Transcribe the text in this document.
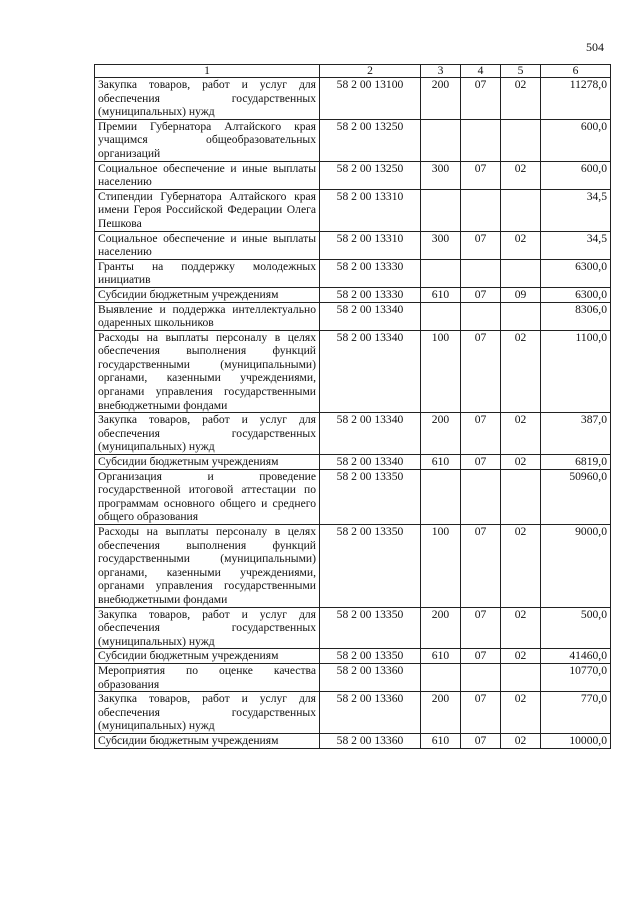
504
1	2	3	4	5	6
Закупка товаров, работ и услуг для обеспечения государственных (муниципальных) нужд	58 2 00 13100	200	07	02	11278,0
Премии Губернатора Алтайского края учащимся общеобразовательных организаций	58 2 00 13250				600,0
Социальное обеспечение и иные выплаты населению	58 2 00 13250	300	07	02	600,0
Стипендии Губернатора Алтайского края имени Героя Российской Федерации Олега Пешкова	58 2 00 13310				34,5
Социальное обеспечение и иные выплаты населению	58 2 00 13310	300	07	02	34,5
Гранты на поддержку молодежных инициатив	58 2 00 13330				6300,0
Субсидии бюджетным учреждениям	58 2 00 13330	610	07	09	6300,0
Выявление и поддержка интеллектуально одаренных школьников	58 2 00 13340				8306,0
Расходы на выплаты персоналу в целях обеспечения выполнения функций государственными (муниципальными) органами, казенными учреждениями, органами управления государственными внебюджетными фондами	58 2 00 13340	100	07	02	1100,0
Закупка товаров, работ и услуг для обеспечения государственных (муниципальных) нужд	58 2 00 13340	200	07	02	387,0
Субсидии бюджетным учреждениям	58 2 00 13340	610	07	02	6819,0
Организация и проведение государственной итоговой аттестации по программам основного общего и среднего общего образования	58 2 00 13350				50960,0
Расходы на выплаты персоналу в целях обеспечения выполнения функций государственными (муниципальными) органами, казенными учреждениями, органами управления государственными внебюджетными фондами	58 2 00 13350	100	07	02	9000,0
Закупка товаров, работ и услуг для обеспечения государственных (муниципальных) нужд	58 2 00 13350	200	07	02	500,0
Субсидии бюджетным учреждениям	58 2 00 13350	610	07	02	41460,0
Мероприятия по оценке качества образования	58 2 00 13360				10770,0
Закупка товаров, работ и услуг для обеспечения государственных (муниципальных) нужд	58 2 00 13360	200	07	02	770,0
Субсидии бюджетным учреждениям	58 2 00 13360	610	07	02	10000,0
